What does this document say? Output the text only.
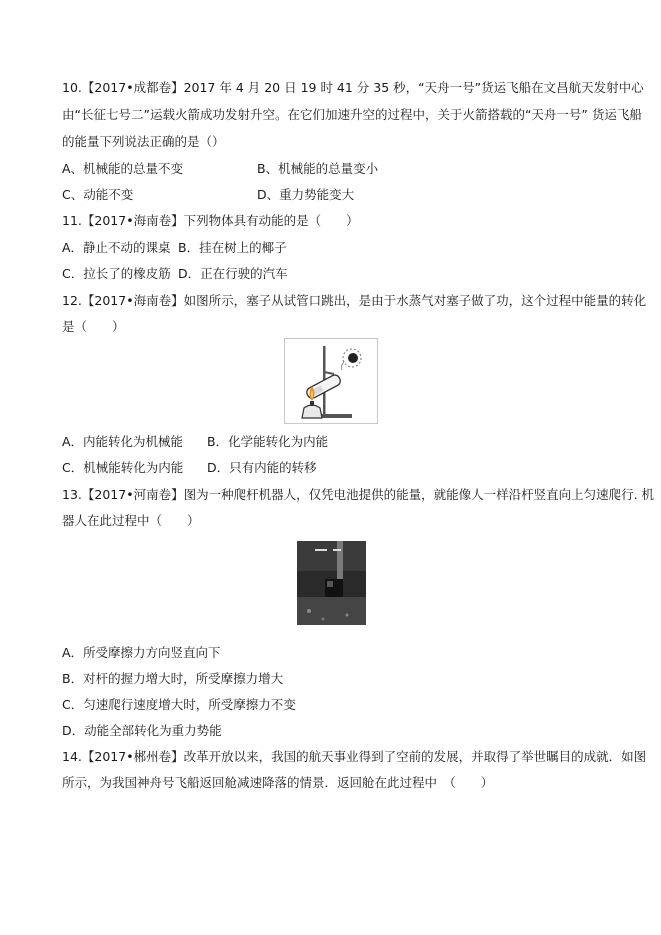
10.【2017•成都卷】2017 年 4 月 20 日 19 时 41 分 35 秒，“天舟一号”货运飞船在文昌航天发射中心
由“长征七号二”运载火箭成功发射升空。在它们加速升空的过程中，关于火箭搭载的“天舟一号” 货运飞船
的能量下列说法正确的是（）
A、机械能的总量不变	B、机械能的总量变小
C、动能不变	D、重力势能变大
11.【2017•海南卷】下列物体具有动能的是（　　）
A．静止不动的课桌 B．挂在树上的椰子
C．拉长了的橡皮筋 D．正在行驶的汽车
12.【2017•海南卷】如图所示，塞子从试管口跳出，是由于水蒸气对塞子做了功，这个过程中能量的转化
是（　　）
A．内能转化为机械能 B．化学能转化为内能
C．机械能转化为内能 D．只有内能的转移
13.【2017•河南卷】图为一种爬杆机器人，仅凭电池提供的能量，就能像人一样沿杆竖直向上匀速爬行. 机
器人在此过程中（　　）
A．所受摩擦力方向竖直向下
B．对杆的握力增大时，所受摩擦力增大
C．匀速爬行速度增大时，所受摩擦力不变
D．动能全部转化为重力势能
14.【2017•郴州卷】改革开放以来，我国的航天事业得到了空前的发展，并取得了举世瞩目的成就．如图
所示，为我国神舟号飞船返回舱减速降落的情景．返回舱在此过程中　（　　）
